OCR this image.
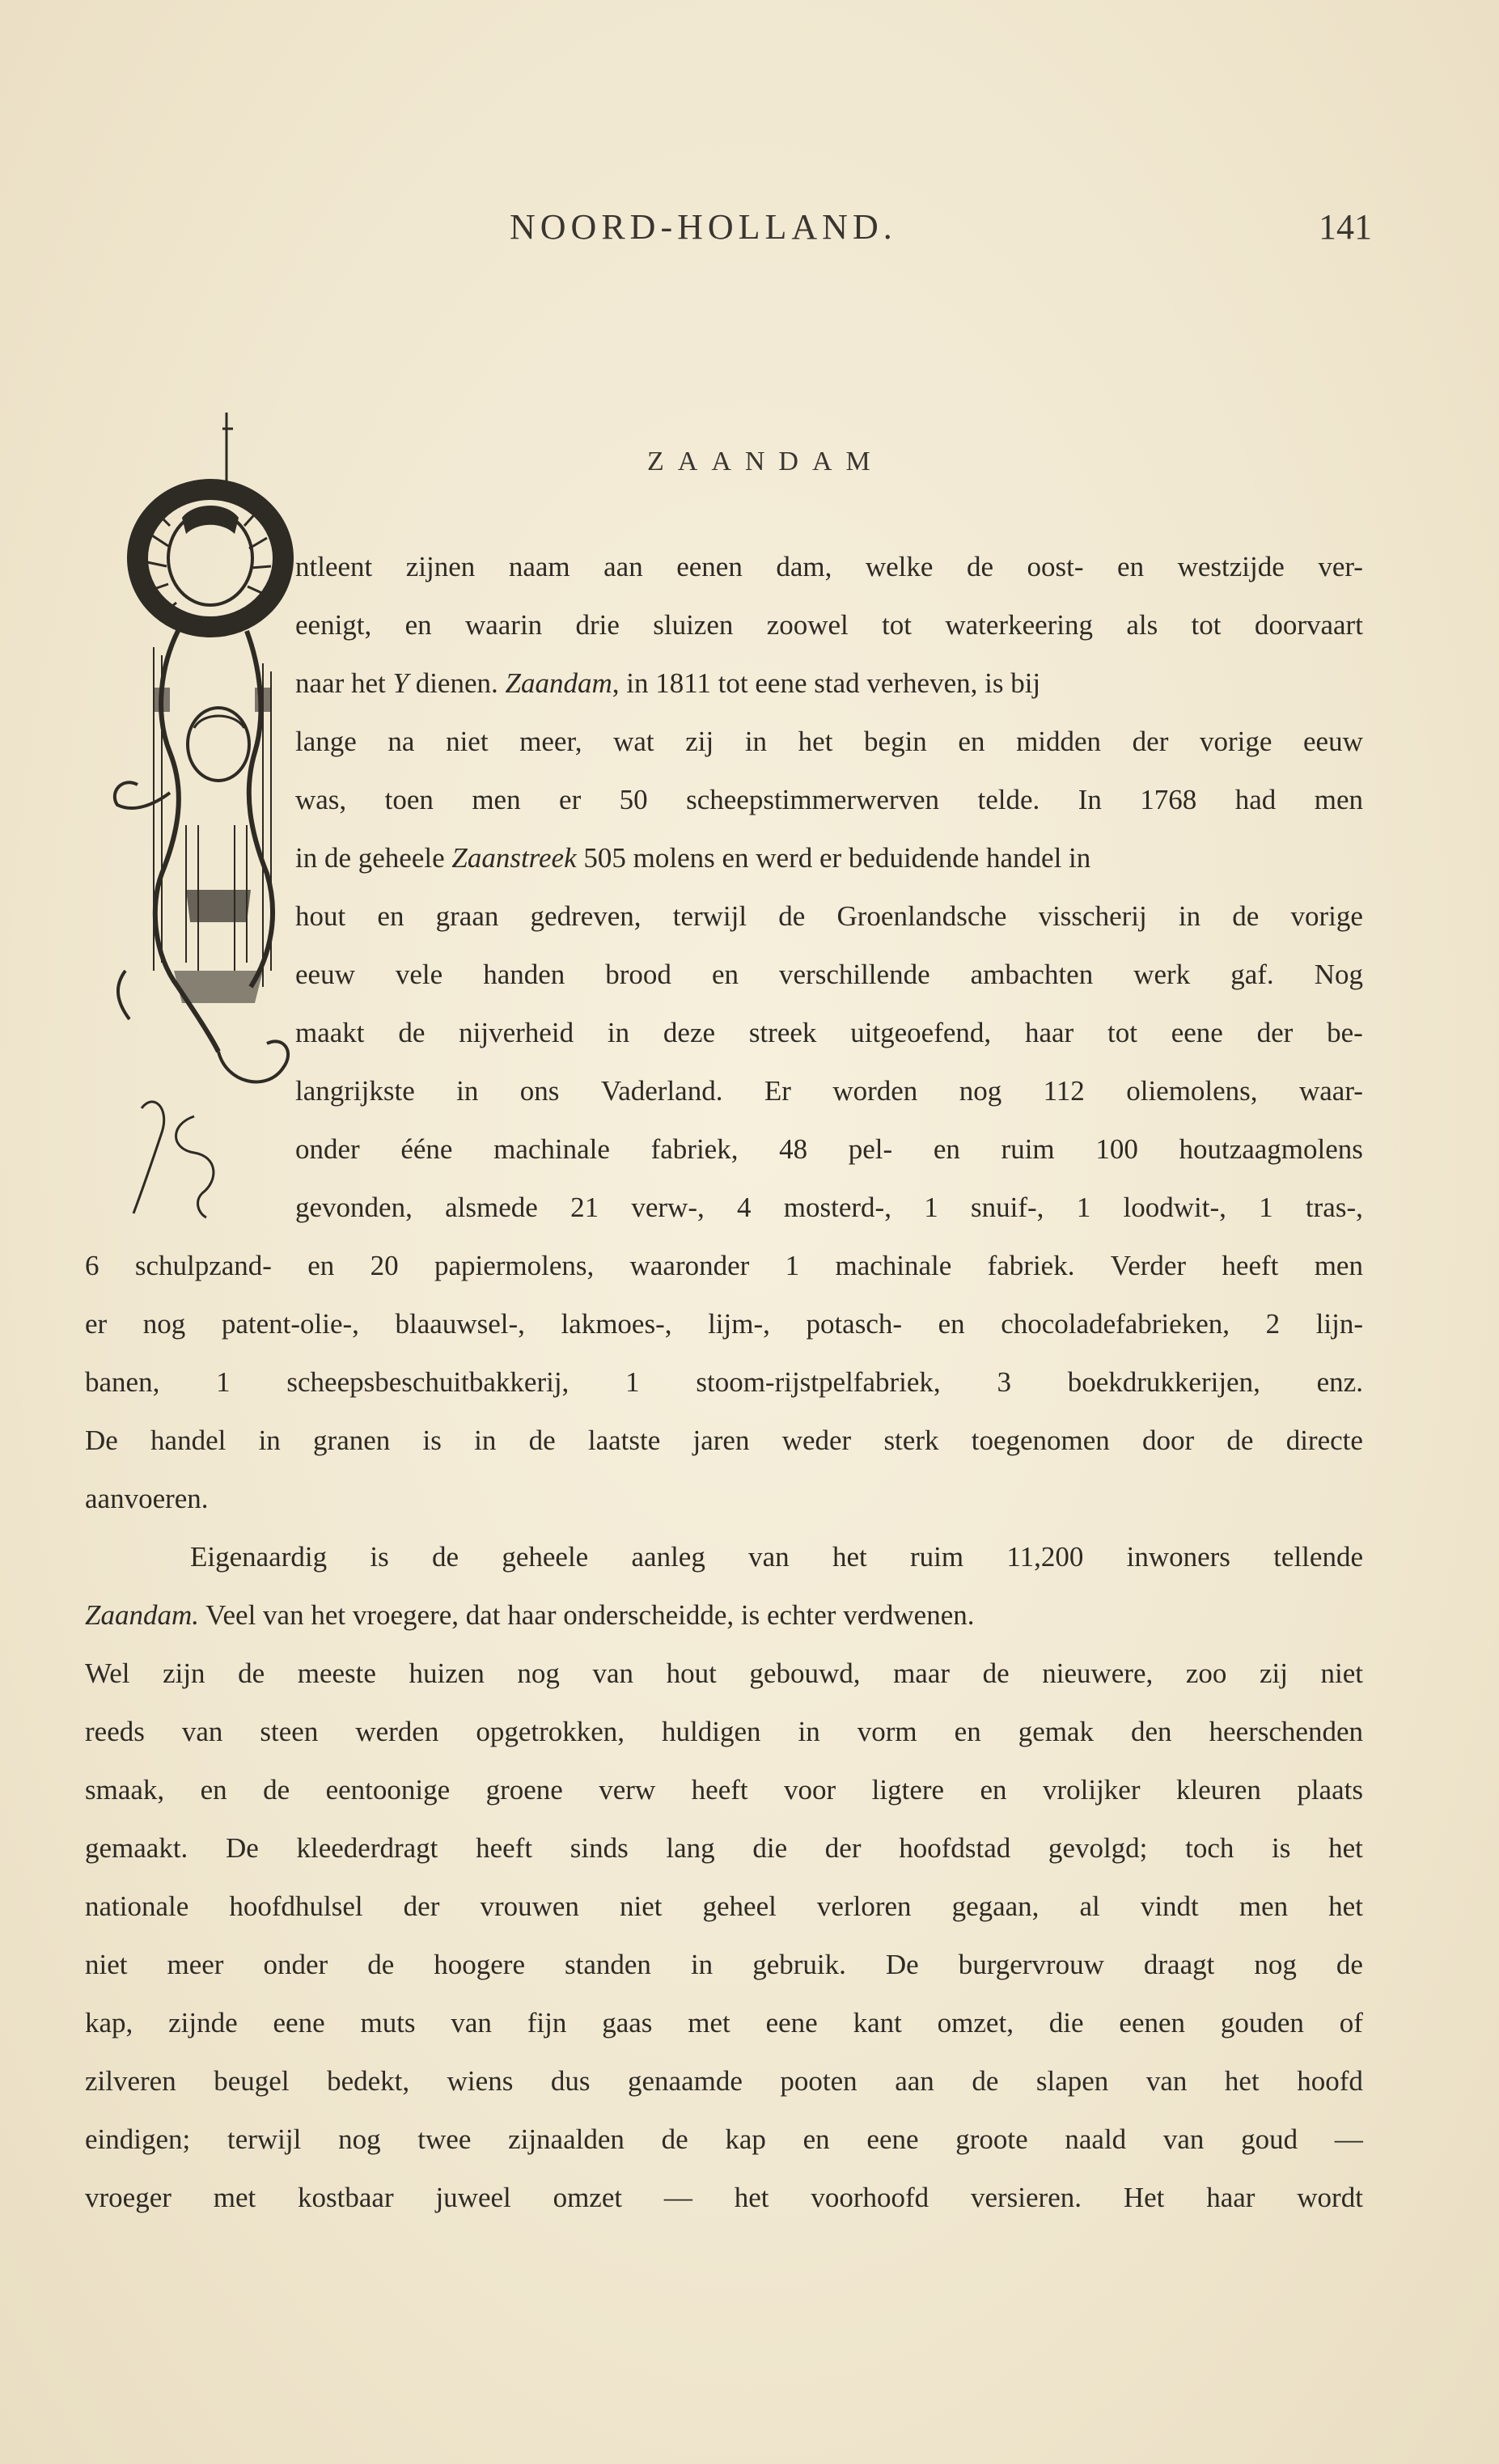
NOORD-HOLLAND.	141
ZAANDAM
ntleent zijnen naam aan eenen dam, welke de oost- en westzijde ver-
eenigt, en waarin drie sluizen zoowel tot waterkeering als tot doorvaart
naar het Y dienen. Zaandam, in 1811 tot eene stad verheven, is bij
lange na niet meer, wat zij in het begin en midden der vorige eeuw
was, toen men er 50 scheepstimmerwerven telde. In 1768 had men
in de geheele Zaanstreek 505 molens en werd er beduidende handel in
hout en graan gedreven, terwijl de Groenlandsche visscherij in de vorige
eeuw vele handen brood en verschillende ambachten werk gaf. Nog
maakt de nijverheid in deze streek uitgeoefend, haar tot eene der be-
langrijkste in ons Vaderland. Er worden nog 112 oliemolens, waar-
onder ééne machinale fabriek, 48 pel- en ruim 100 houtzaagmolens
gevonden, alsmede 21 verw-, 4 mosterd-, 1 snuif-, 1 loodwit-, 1 tras-,
6 schulpzand- en 20 papiermolens, waaronder 1 machinale fabriek. Verder heeft men
er nog patent-olie-, blaauwsel-, lakmoes-, lijm-, potasch- en chocoladefabrieken, 2 lijn-
banen, 1 scheepsbeschuitbakkerij, 1 stoom-rijstpelfabriek, 3 boekdrukkerijen, enz.
De handel in granen is in de laatste jaren weder sterk toegenomen door de directe
aanvoeren.
Eigenaardig is de geheele aanleg van het ruim 11,200 inwoners tellende
Zaandam. Veel van het vroegere, dat haar onderscheidde, is echter verdwenen.
Wel zijn de meeste huizen nog van hout gebouwd, maar de nieuwere, zoo zij niet
reeds van steen werden opgetrokken, huldigen in vorm en gemak den heerschenden
smaak, en de eentoonige groene verw heeft voor ligtere en vrolijker kleuren plaats
gemaakt. De kleederdragt heeft sinds lang die der hoofdstad gevolgd; toch is het
nationale hoofdhulsel der vrouwen niet geheel verloren gegaan, al vindt men het
niet meer onder de hoogere standen in gebruik. De burgervrouw draagt nog de
kap, zijnde eene muts van fijn gaas met eene kant omzet, die eenen gouden of
zilveren beugel bedekt, wiens dus genaamde pooten aan de slapen van het hoofd
eindigen; terwijl nog twee zijnaalden de kap en eene groote naald van goud —
vroeger met kostbaar juweel omzet — het voorhoofd versieren. Het haar wordt
